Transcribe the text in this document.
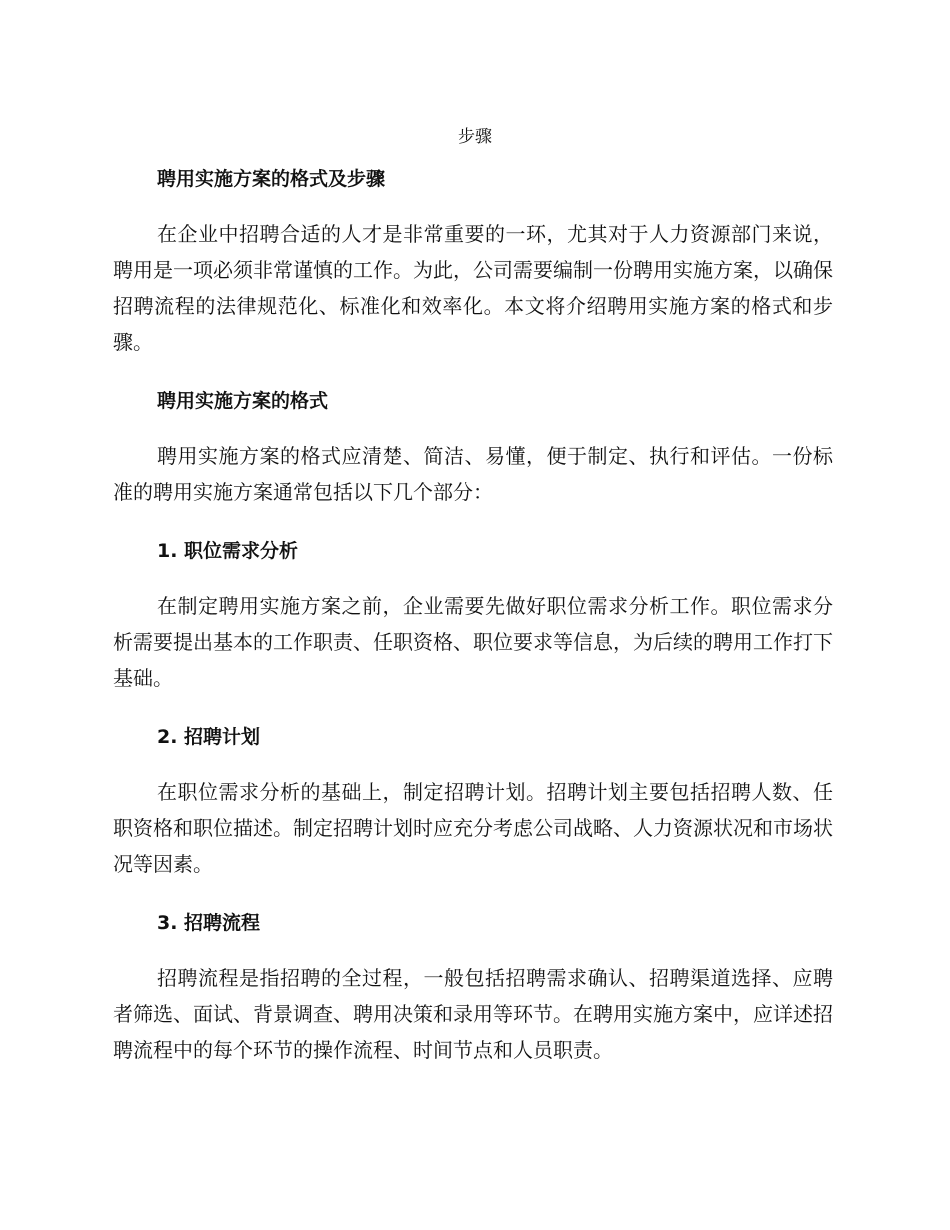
步骤

聘用实施方案的格式及步骤

在企业中招聘合适的人才是非常重要的一环，尤其对于人力资源部门来说，聘用是一项必须非常谨慎的工作。为此，公司需要编制一份聘用实施方案，以确保招聘流程的法律规范化、标准化和效率化。本文将介绍聘用实施方案的格式和步骤。

聘用实施方案的格式

聘用实施方案的格式应清楚、简洁、易懂，便于制定、执行和评估。一份标准的聘用实施方案通常包括以下几个部分：

1. 职位需求分析

在制定聘用实施方案之前，企业需要先做好职位需求分析工作。职位需求分析需要提出基本的工作职责、任职资格、职位要求等信息，为后续的聘用工作打下基础。

2. 招聘计划

在职位需求分析的基础上，制定招聘计划。招聘计划主要包括招聘人数、任职资格和职位描述。制定招聘计划时应充分考虑公司战略、人力资源状况和市场状况等因素。

3. 招聘流程

招聘流程是指招聘的全过程，一般包括招聘需求确认、招聘渠道选择、应聘者筛选、面试、背景调查、聘用决策和录用等环节。在聘用实施方案中，应详述招聘流程中的每个环节的操作流程、时间节点和人员职责。
